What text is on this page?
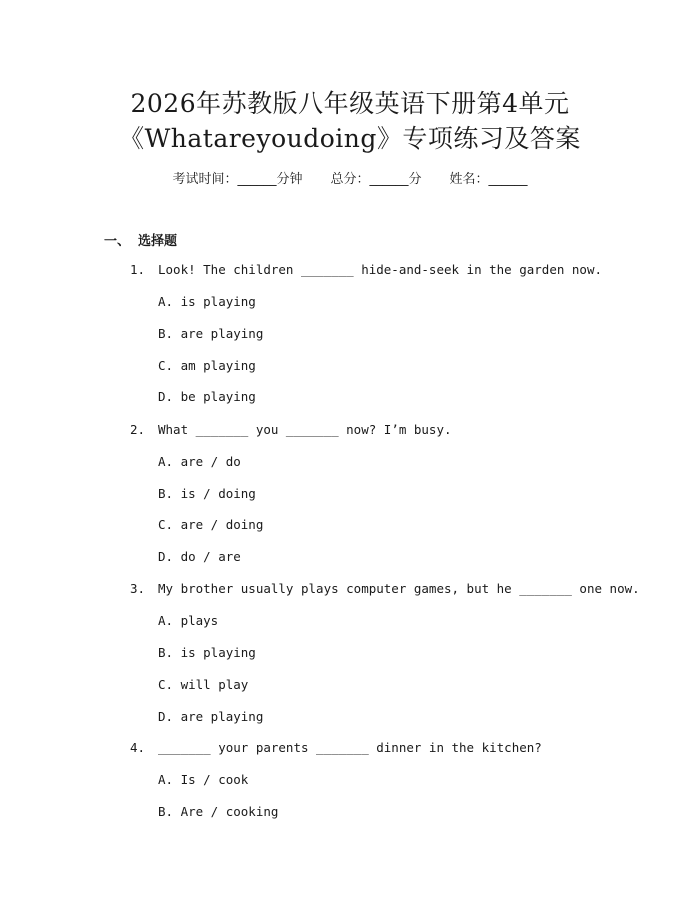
2026年苏教版八年级英语下册第4单元
《Whatareyoudoing》专项练习及答案
考试时间：______分钟 总分：______分 姓名：______
一、 选择题
1. Look! The children _______ hide-and-seek in the garden now.
A. is playing
B. are playing
C. am playing
D. be playing
2. What _______ you _______ now? I’m busy.
A. are / do
B. is / doing
C. are / doing
D. do / are
3. My brother usually plays computer games, but he _______ one now.
A. plays
B. is playing
C. will play
D. are playing
4. _______ your parents _______ dinner in the kitchen?
A. Is / cook
B. Are / cooking
